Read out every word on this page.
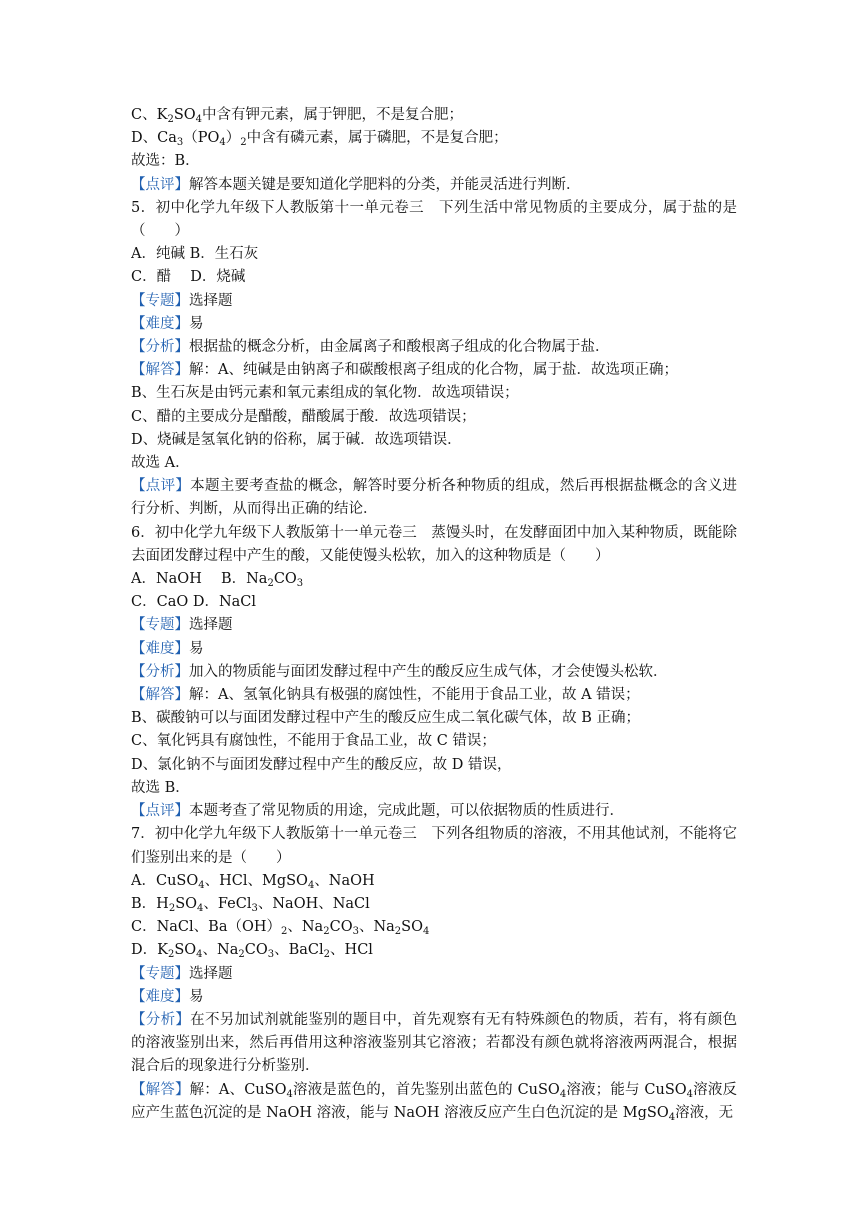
C、$K_2SO_4$中含有钾元素，属于钾肥，不是复合肥；
D、$Ca_3(PO_4)_2$中含有磷元素，属于磷肥，不是复合肥；
故选：B．
【点评】解答本题关键是要知道化学肥料的分类，并能灵活进行判断．
5．初中化学九年级下人教版第十一单元卷三　下列生活中常见物质的主要成分，属于盐的是（　　）
A．纯碱 B．生石灰
C．醋　 D．烧碱
【专题】选择题
【难度】易
【分析】根据盐的概念分析，由金属离子和酸根离子组成的化合物属于盐．
【解答】解：A、纯碱是由钠离子和碳酸根离子组成的化合物，属于盐．故选项正确；
B、生石灰是由钙元素和氧元素组成的氧化物．故选项错误；
C、醋的主要成分是醋酸，醋酸属于酸．故选项错误；
D、烧碱是氢氧化钠的俗称，属于碱．故选项错误．
故选 A．
【点评】本题主要考查盐的概念，解答时要分析各种物质的组成，然后再根据盐概念的含义进行分析、判断，从而得出正确的结论．
6．初中化学九年级下人教版第十一单元卷三　蒸馒头时，在发酵面团中加入某种物质，既能除去面团发酵过程中产生的酸，又能使馒头松软，加入的这种物质是（　　）
A．NaOH　 B．$Na_2CO_3$
C．CaO D．NaCl
【专题】选择题
【难度】易
【分析】加入的物质能与面团发酵过程中产生的酸反应生成气体，才会使馒头松软．
【解答】解：A、氢氧化钠具有极强的腐蚀性，不能用于食品工业，故 A 错误；
B、碳酸钠可以与面团发酵过程中产生的酸反应生成二氧化碳气体，故 B 正确；
C、氧化钙具有腐蚀性，不能用于食品工业，故 C 错误；
D、氯化钠不与面团发酵过程中产生的酸反应，故 D 错误，
故选 B．
【点评】本题考查了常见物质的用途，完成此题，可以依据物质的性质进行．
7．初中化学九年级下人教版第十一单元卷三　下列各组物质的溶液，不用其他试剂，不能将它们鉴别出来的是（　　）
A．CuSO$_4$、HCl、MgSO$_4$、NaOH
B．$H_2SO_4$、FeCl$_3$、NaOH、NaCl
C．NaCl、$Ba(OH)_2$、$Na_2CO_3$、$Na_2SO_4$
D．$K_2SO_4$、$Na_2CO_3$、BaCl$_2$、HCl
【专题】选择题
【难度】易
【分析】在不另加试剂就能鉴别的题目中，首先观察有无有特殊颜色的物质，若有，将有颜色的溶液鉴别出来，然后再借用这种溶液鉴别其它溶液；若都没有颜色就将溶液两两混合，根据混合后的现象进行分析鉴别．
【解答】解：A、CuSO$_4$溶液是蓝色的，首先鉴别出蓝色的 CuSO$_4$溶液；能与 CuSO$_4$溶液反应产生蓝色沉淀的是 NaOH 溶液，能与 NaOH 溶液反应产生白色沉淀的是 MgSO$_4$溶液，无
